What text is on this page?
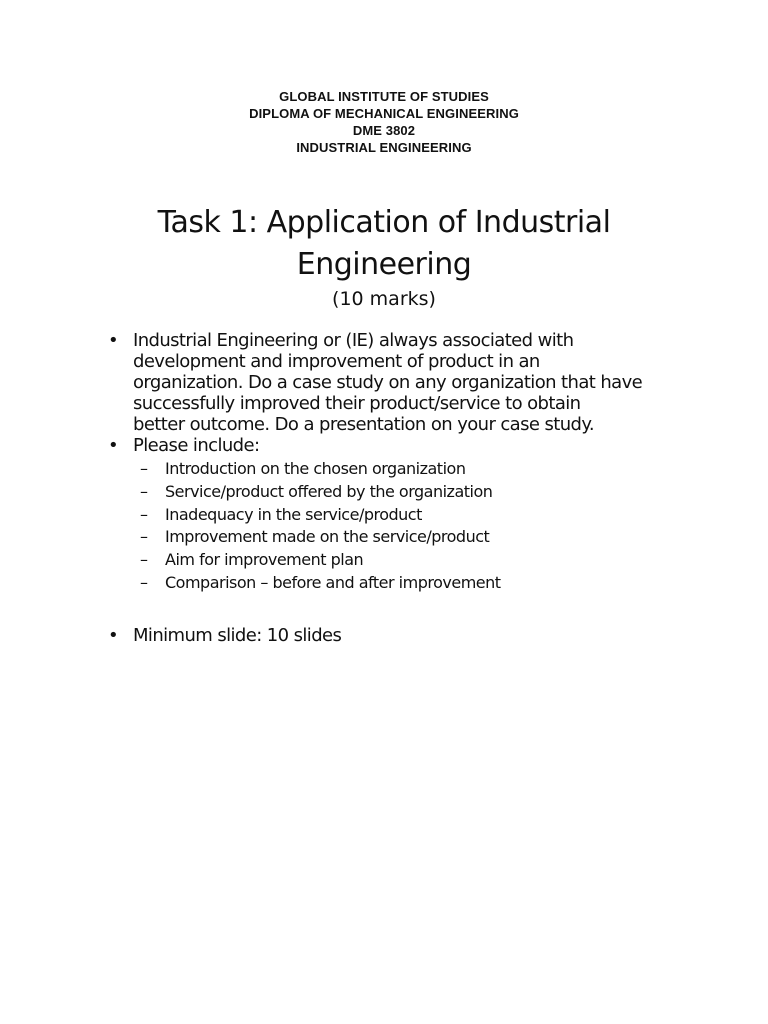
GLOBAL INSTITUTE OF STUDIES
DIPLOMA OF MECHANICAL ENGINEERING
DME 3802
INDUSTRIAL ENGINEERING
Task 1: Application of Industrial
Engineering
(10 marks)
• Industrial Engineering or (IE) always associated with
development and improvement of product in an
organization. Do a case study on any organization that have
successfully improved their product/service to obtain
better outcome. Do a presentation on your case study.
• Please include:
– Introduction on the chosen organization
– Service/product offered by the organization
– Inadequacy in the service/product
– Improvement made on the service/product
– Aim for improvement plan
– Comparison – before and after improvement
• Minimum slide: 10 slides
